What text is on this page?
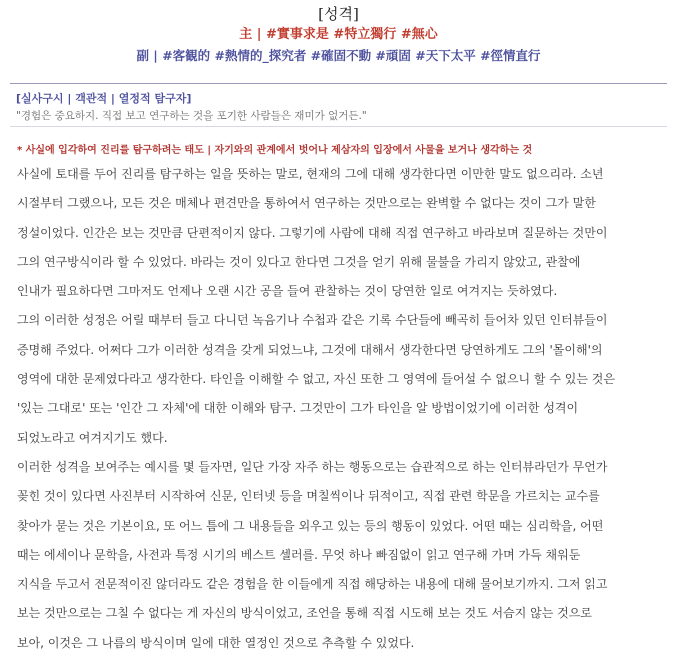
[성격]
主 | #實事求是 #特立獨行 #無心
副 | #客観的 #熱情的_探究者 #確固不動 #頑固 #天下太平 #徑情直行
[실사구시 | 객관적 | 열정적 탐구자]
"경험은 중요하지. 직접 보고 연구하는 것을 포기한 사람들은 재미가 없거든."
* 사실에 입각하여 진리를 탐구하려는 태도 | 자기와의 관계에서 벗어나 제삼자의 입장에서 사물을 보거나 생각하는 것
사실에 토대를 두어 진리를 탐구하는 일을 뜻하는 말로, 현재의 그에 대해 생각한다면 이만한 말도 없으리라. 소년
시절부터 그랬으나, 모든 것은 매체나 편견만을 통하여서 연구하는 것만으로는 완벽할 수 없다는 것이 그가 말한
정설이었다. 인간은 보는 것만큼 단편적이지 않다. 그렇기에 사람에 대해 직접 연구하고 바라보며 질문하는 것만이
그의 연구방식이라 할 수 있었다. 바라는 것이 있다고 한다면 그것을 얻기 위해 물불을 가리지 않았고, 관찰에
인내가 필요하다면 그마저도 언제나 오랜 시간 공을 들여 관찰하는 것이 당연한 일로 여겨지는 듯하였다.
그의 이러한 성정은 어릴 때부터 들고 다니던 녹음기나 수첩과 같은 기록 수단들에 빼곡히 들어차 있던 인터뷰들이
증명해 주었다. 어쩌다 그가 이러한 성격을 갖게 되었느냐, 그것에 대해서 생각한다면 당연하게도 그의 '몰이해'의
영역에 대한 문제였다라고 생각한다. 타인을 이해할 수 없고, 자신 또한 그 영역에 들어설 수 없으니 할 수 있는 것은
'있는 그대로' 또는 '인간 그 자체'에 대한 이해와 탐구. 그것만이 그가 타인을 알 방법이었기에 이러한 성격이
되었노라고 여겨지기도 했다.
이러한 성격을 보여주는 예시를 몇 들자면, 일단 가장 자주 하는 행동으로는 습관적으로 하는 인터뷰라던가 무언가
꽂힌 것이 있다면 사진부터 시작하여 신문, 인터넷 등을 며칠씩이나 뒤적이고, 직접 관련 학문을 가르치는 교수를
찾아가 묻는 것은 기본이요, 또 어느 틈에 그 내용들을 외우고 있는 등의 행동이 있었다. 어떤 때는 심리학을, 어떤
때는 에세이나 문학을, 사전과 특정 시기의 베스트 셀러를. 무엇 하나 빠짐없이 읽고 연구해 가며 가득 채워둔
지식을 두고서 전문적이진 않더라도 같은 경험을 한 이들에게 직접 해당하는 내용에 대해 물어보기까지. 그저 읽고
보는 것만으로는 그칠 수 없다는 게 자신의 방식이었고, 조언을 통해 직접 시도해 보는 것도 서슴지 않는 것으로
보아, 이것은 그 나름의 방식이며 일에 대한 열정인 것으로 추측할 수 있었다.
